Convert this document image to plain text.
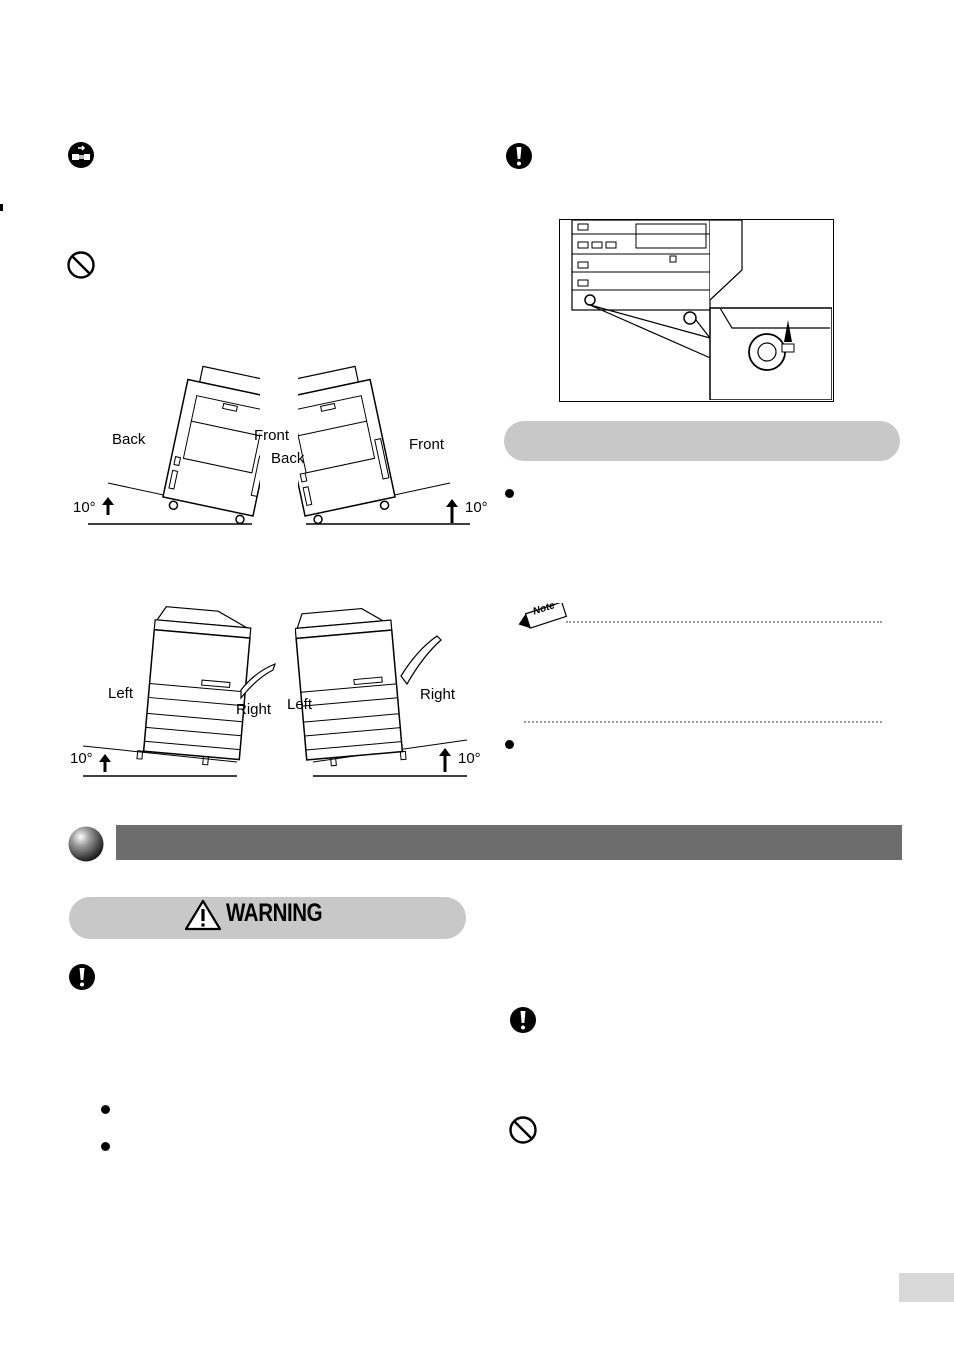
Back	Front
10°
Back
Front
10°
Left
Right
10°
Left
Right
10°
Note
WARNING
